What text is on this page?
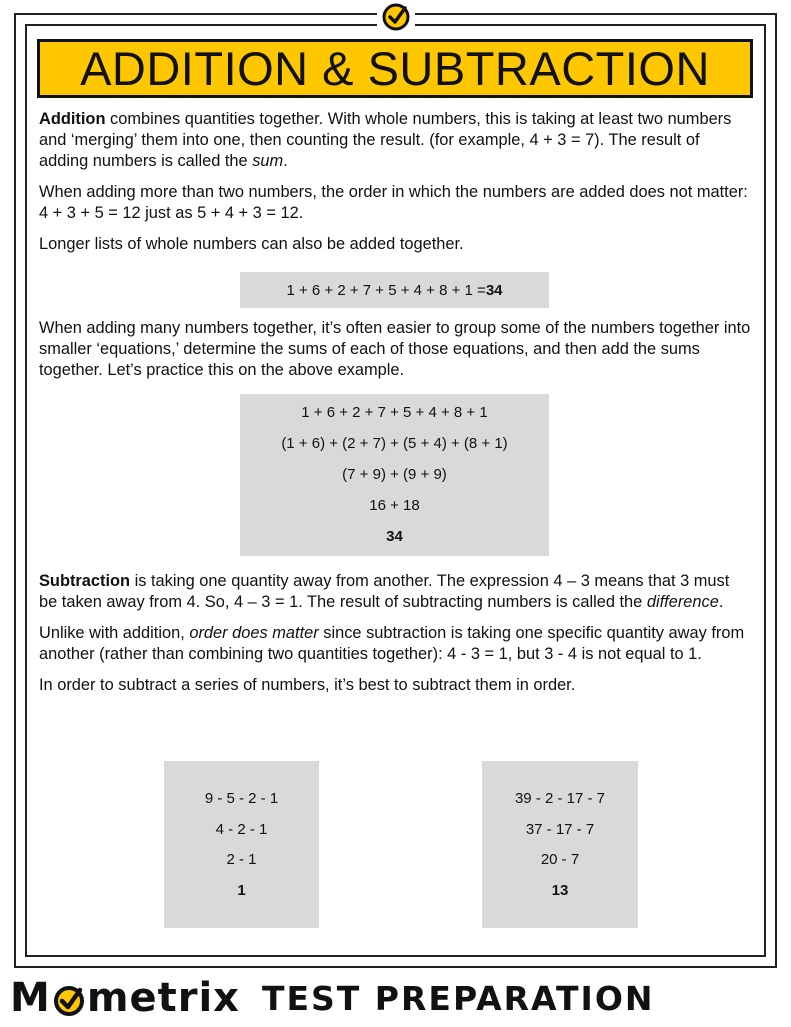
ADDITION & SUBTRACTION

Addition combines quantities together. With whole numbers, this is taking at least two numbers and ‘merging’ them into one, then counting the result. (for example, 4 + 3 = 7). The result of adding numbers is called the sum.

When adding more than two numbers, the order in which the numbers are added does not matter: 4 + 3 + 5 = 12 just as 5 + 4 + 3 = 12.

Longer lists of whole numbers can also be added together.

1 + 6 + 2 + 7 + 5 + 4 + 8 + 1 = 34

When adding many numbers together, it’s often easier to group some of the numbers together into smaller ‘equations,’ determine the sums of each of those equations, and then add the sums together. Let’s practice this on the above example.

1 + 6 + 2 + 7 + 5 + 4 + 8 + 1
(1 + 6) + (2 + 7) + (5 + 4) + (8 + 1)
(7 + 9) + (9 + 9)
16 + 18
34

Subtraction is taking one quantity away from another. The expression 4 – 3 means that 3 must be taken away from 4. So, 4 – 3 = 1. The result of subtracting numbers is called the difference.

Unlike with addition, order does matter since subtraction is taking one specific quantity away from another (rather than combining two quantities together): 4 - 3 = 1, but 3 - 4 is not equal to 1.

In order to subtract a series of numbers, it’s best to subtract them in order.

9 - 5 - 2 - 1
4 - 2 - 1
2 - 1
1
39 - 2 - 17 - 7
37 - 17 - 7
20 - 7
13
M metrix TEST PREPARATION
